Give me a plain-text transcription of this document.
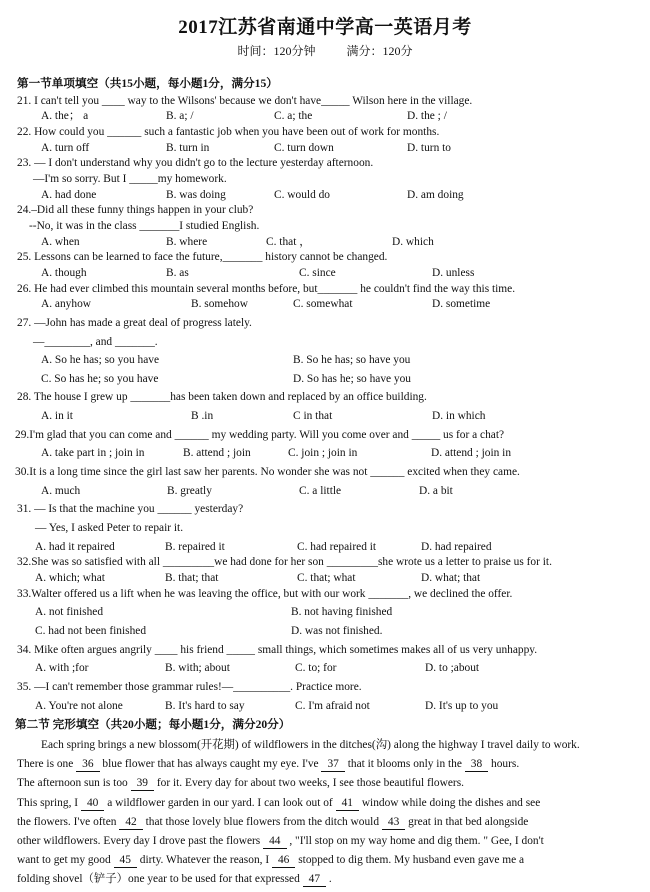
2017江苏省南通中学高一英语月考
时间：120分钟	满分：120分
第一节单项填空（共15小题，每小题1分，满分15）
21. I can't tell you ____ way to the Wilsons' because we don't have_____ Wilson here in the village.
A. the； a	B. a; /	C. a; the	D. the ; /
22. How could you ______ such a fantastic job when you have been out of work for months.
A. turn off	B. turn in	C. turn down	D. turn to
23. — I don't understand why you didn't go to the lecture yesterday afternoon.
—I'm so sorry. But I _____my homework.
A. had done	B. was doing	C. would do	D. am doing
24.–Did all these funny things happen in your club?
--No, it was in the class _______I studied English.
A. when	B. where	C. that ，	D. which
25. Lessons can be learned to face the future,_______ history cannot be changed.
A. though	B. as	C. since	D. unless
26. He had ever climbed this mountain several months before, but_______ he couldn't find the way this time.
A. anyhow	B. somehow	C. somewhat	D. sometime
27. —John has made a great deal of progress lately.
—________, and _______.
A. So he has; so you have	B. So he has; so have you
C. So has he; so you have	D. So has he; so have you
28. The house I grew up _______has been taken down and replaced by an office building.
A. in it	B .in	C in that	D. in which
29.I'm glad that you can come and ______ my wedding party. Will you come over and _____ us for a chat?
A. take part in ; join in	B. attend ; join	C. join ; join in	D. attend ; join in
30.It is a long time since the girl last saw her parents. No wonder she was not ______ excited when they came.
A. much	B. greatly	C. a little	D. a bit
31. — Is that the machine you ______ yesterday?
— Yes, I asked Peter to repair it.
A. had it repaired	B. repaired it	C. had repaired it	D. had repaired
32.She was so satisfied with all _________we had done for her son _________she wrote us a letter to praise us for it.
A. which; what	B. that; that	C. that; what	D. what; that
33.Walter offered us a lift when he was leaving the office, but with our work _______, we declined the offer.
A. not finished	B. not having finished
C. had not been finished	D. was not finished.
34. Mike often argues angrily ____ his friend _____ small things, which sometimes makes all of us very unhappy.
A. with ;for	B. with; about	C. to; for	D. to ;about
35. —I can't remember those grammar rules!—__________. Practice more.
A. You're not alone	B. It's hard to say	C. I'm afraid not	D. It's up to you
第二节 完形填空（共20小题；每小题1分，满分20分）
Each spring brings a new blossom(开花期) of wildflowers in the ditches(沟) along the highway I travel daily to work.
There is one 36 blue flower that has always caught my eye. I've 37 that it blooms only in the 38 hours.
The afternoon sun is too 39 for it. Every day for about two weeks, I see those beautiful flowers.
This spring, I 40 a wildflower garden in our yard. I can look out of 41 window while doing the dishes and see
the flowers. I've often 42 that those lovely blue flowers from the ditch would 43 great in that bed alongside
other wildflowers. Every day I drove past the flowers 44 , "I'll stop on my way home and dig them. " Gee, I don't
want to get my good 45 dirty. Whatever the reason, I 46 stopped to dig them. My husband even gave me a
folding shovel（铲子）one year to be used for that expressed 47 .
